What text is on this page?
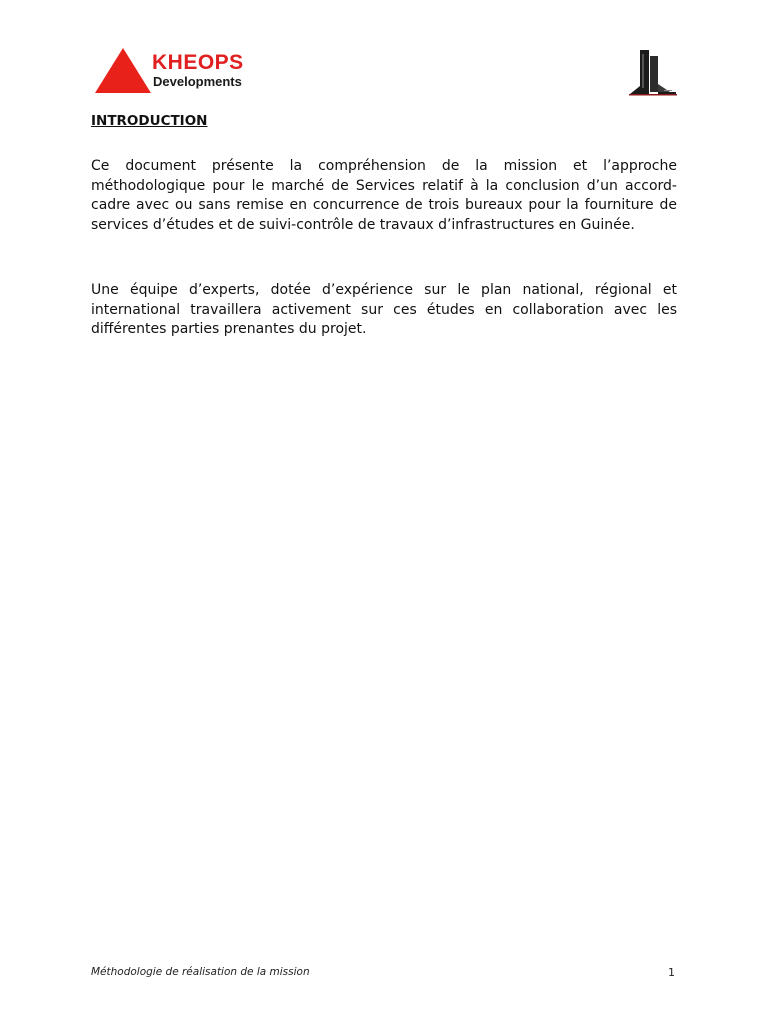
KHEOPS
Developments
INTRODUCTION

Ce document présente la compréhension de la mission et l’approche méthodologique pour le marché de Services relatif à la conclusion d’un accord-cadre avec ou sans remise en concurrence de trois bureaux pour la fourniture de services d’études et de suivi-contrôle de travaux d’infrastructures en Guinée.

Une équipe d’experts, dotée d’expérience sur le plan national, régional et international travaillera activement sur ces études en collaboration avec les différentes parties prenantes du projet.

Méthodologie de réalisation de la mission	1
